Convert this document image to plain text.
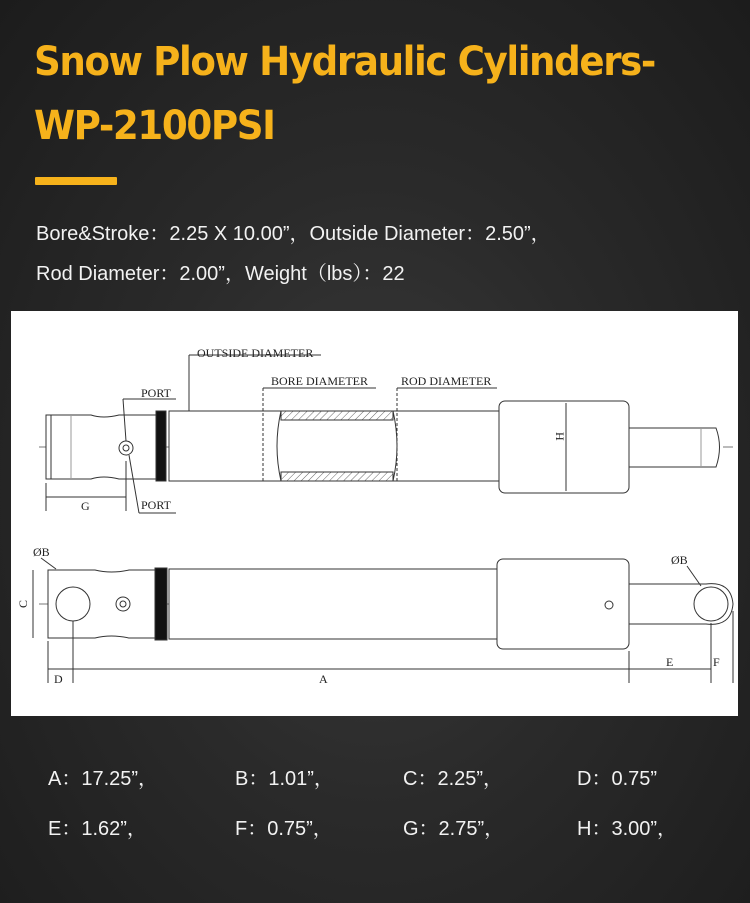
Snow Plow Hydraulic Cylinders-
WP-2100PSI
Bore&Stroke：2.25 X 10.00”，Outside Diameter：2.50”，
Rod Diameter：2.00”，Weight（lbs）：22
OUTSIDE DIAMETER
BORE DIAMETER	ROD DIAMETER
PORT
PORT
G
H
ØB
ØB
C
D	A
E	F
A：17.25”，	B：1.01”，	C：2.25”，	D：0.75”
E：1.62”，	F：0.75”，	G：2.75”，	H：3.00”，
